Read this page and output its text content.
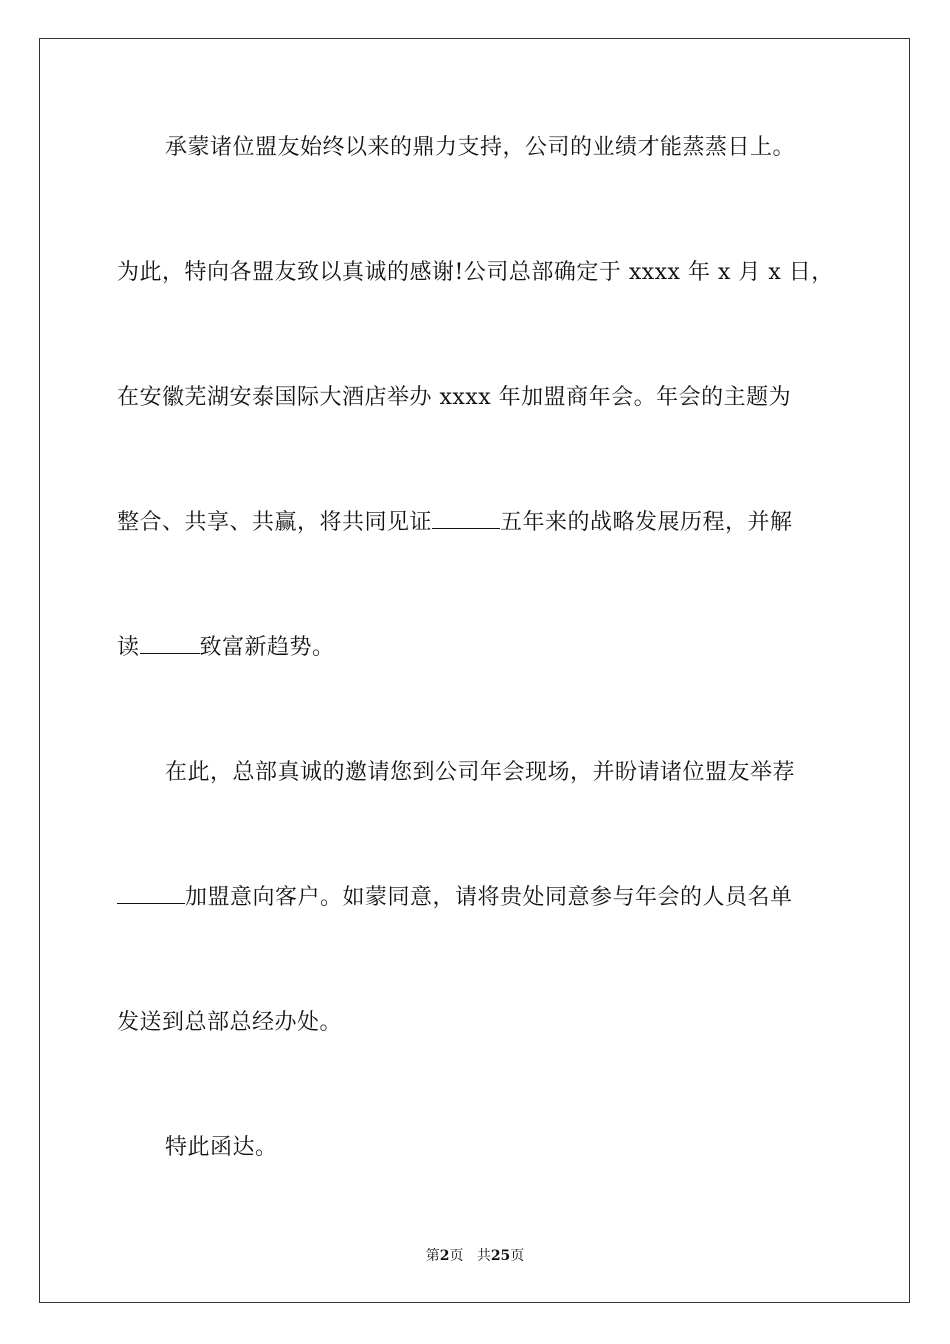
承蒙诸位盟友始终以来的鼎力支持，公司的业绩才能蒸蒸日上。
为此，特向各盟友致以真诚的感谢!公司总部确定于 xxxx 年 x 月 x 日，
在安徽芜湖安泰国际大酒店举办 xxxx 年加盟商年会。年会的主题为
整合、共享、共赢，将共同见证	五年来的战略发展历程，并解
读	致富新趋势。
在此，总部真诚的邀请您到公司年会现场，并盼请诸位盟友举荐
加盟意向客户。如蒙同意，请将贵处同意参与年会的人员名单
发送到总部总经办处。
特此函达。
第2页 共25页
